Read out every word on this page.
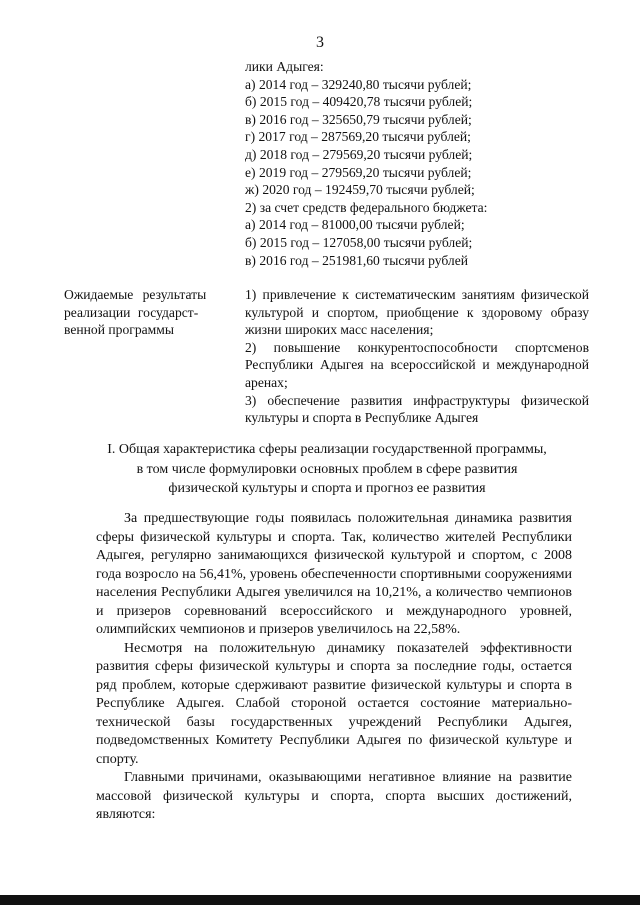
3
лики Адыгея:
а) 2014 год – 329240,80 тысячи рублей;
б) 2015 год – 409420,78 тысячи рублей;
в) 2016 год – 325650,79 тысячи рублей;
г) 2017 год – 287569,20 тысячи рублей;
д) 2018 год – 279569,20 тысячи рублей;
е) 2019 год – 279569,20 тысячи рублей;
ж) 2020 год – 192459,70 тысячи рублей;
2) за счет средств федерального бюджета:
а) 2014 год – 81000,00 тысячи рублей;
б) 2015 год – 127058,00 тысячи рублей;
в) 2016 год – 251981,60 тысячи рублей
Ожидаемые результаты
реализации государст-
венной программы

1) привлечение к систематическим занятиям физической культурой и спортом, приобщение к здоровому образу жизни широких масс населения;

2) повышение конкурентоспособности спортсменов Республики Адыгея на всероссийской и международной аренах;

3) обеспечение развития инфраструктуры физической культуры и спорта в Республике Адыгея

I. Общая характеристика сферы реализации государственной программы,
в том числе формулировки основных проблем в сфере развития
физической культуры и спорта и прогноз ее развития

За предшествующие годы появилась положительная динамика развития сферы физической культуры и спорта. Так, количество жителей Республики Адыгея, регулярно занимающихся физической культурой и спортом, с 2008 года возросло на 56,41%, уровень обеспеченности спортивными сооружениями населения Республики Адыгея увеличился на 10,21%, а количество чемпионов и призеров соревнований всероссийского и международного уровней, олимпийских чемпионов и призеров увеличилось на 22,58%.

Несмотря на положительную динамику показателей эффективности развития сферы физической культуры и спорта за последние годы, остается ряд проблем, которые сдерживают развитие физической культуры и спорта в Республике Адыгея. Слабой стороной остается состояние материально-технической базы государственных учреждений Республики Адыгея, подведомственных Комитету Республики Адыгея по физической культуре и спорту.

Главными причинами, оказывающими негативное влияние на развитие массовой физической культуры и спорта, спорта высших достижений, являются:
